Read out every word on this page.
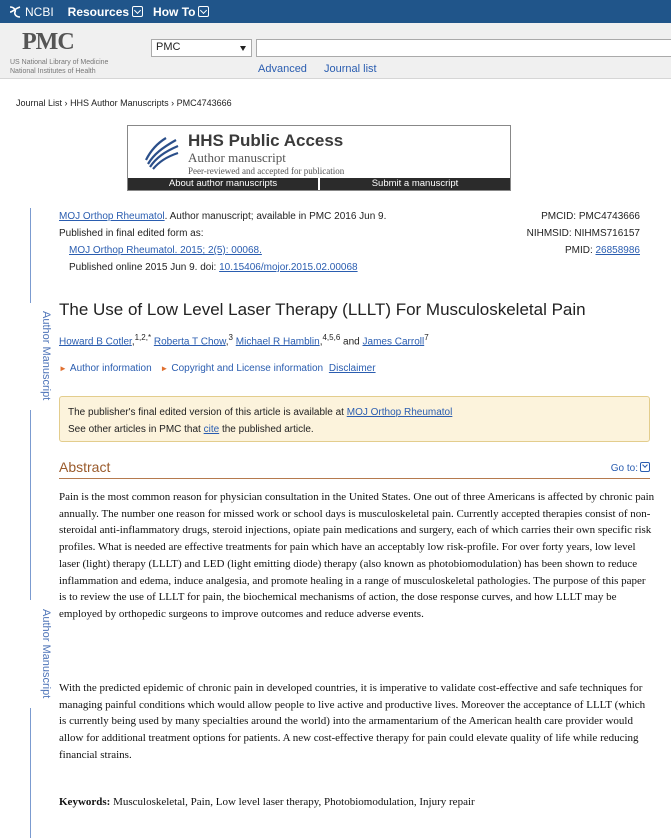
NCBI Resources How To
PMC
US National Library of Medicine
National Institutes of Health
PMC
Advanced Journal list
Journal List › HHS Author Manuscripts › PMC4743666
HHS Public Access
Author manuscript
Peer-reviewed and accepted for publication
About author manuscripts	Submit a manuscript
Author Manuscript
Author Manuscript
MOJ Orthop Rheumatol. Author manuscript; available in PMC 2016 Jun 9.	PMCID: PMC4743666
Published in final edited form as:	NIHMSID: NIHMS716157
MOJ Orthop Rheumatol. 2015; 2(5): 00068.	PMID: 26858986
Published online 2015 Jun 9. doi: 10.15406/mojor.2015.02.00068
The Use of Low Level Laser Therapy (LLLT) For Musculoskeletal Pain
Howard B Cotler,$^{1,2,*}$ Roberta T Chow,$^3$ Michael R Hamblin,$^{4,5,6}$ and James Carroll$^7$
► Author information ► Copyright and License information Disclaimer
The publisher's final edited version of this article is available at MOJ Orthop Rheumatol
See other articles in PMC that cite the published article.
Abstract	Go to:

Pain is the most common reason for physician consultation in the United States. One out of three Americans is affected by chronic pain annually. The number one reason for missed work or school days is musculoskeletal pain. Currently accepted therapies consist of non-steroidal anti-inflammatory drugs, steroid injections, opiate pain medications and surgery, each of which carries their own specific risk profiles. What is needed are effective treatments for pain which have an acceptably low risk-profile. For over forty years, low level laser (light) therapy (LLLT) and LED (light emitting diode) therapy (also known as photobiomodulation) has been shown to reduce inflammation and edema, induce analgesia, and promote healing in a range of musculoskeletal pathologies. The purpose of this paper is to review the use of LLLT for pain, the biochemical mechanisms of action, the dose response curves, and how LLLT may be employed by orthopedic surgeons to improve outcomes and reduce adverse events.

With the predicted epidemic of chronic pain in developed countries, it is imperative to validate cost-effective and safe techniques for managing painful conditions which would allow people to live active and productive lives. Moreover the acceptance of LLLT (which is currently being used by many specialties around the world) into the armamentarium of the American health care provider would allow for additional treatment options for patients. A new cost-effective therapy for pain could elevate quality of life while reducing financial strains.

Keywords: Musculoskeletal, Pain, Low level laser therapy, Photobiomodulation, Injury repair
